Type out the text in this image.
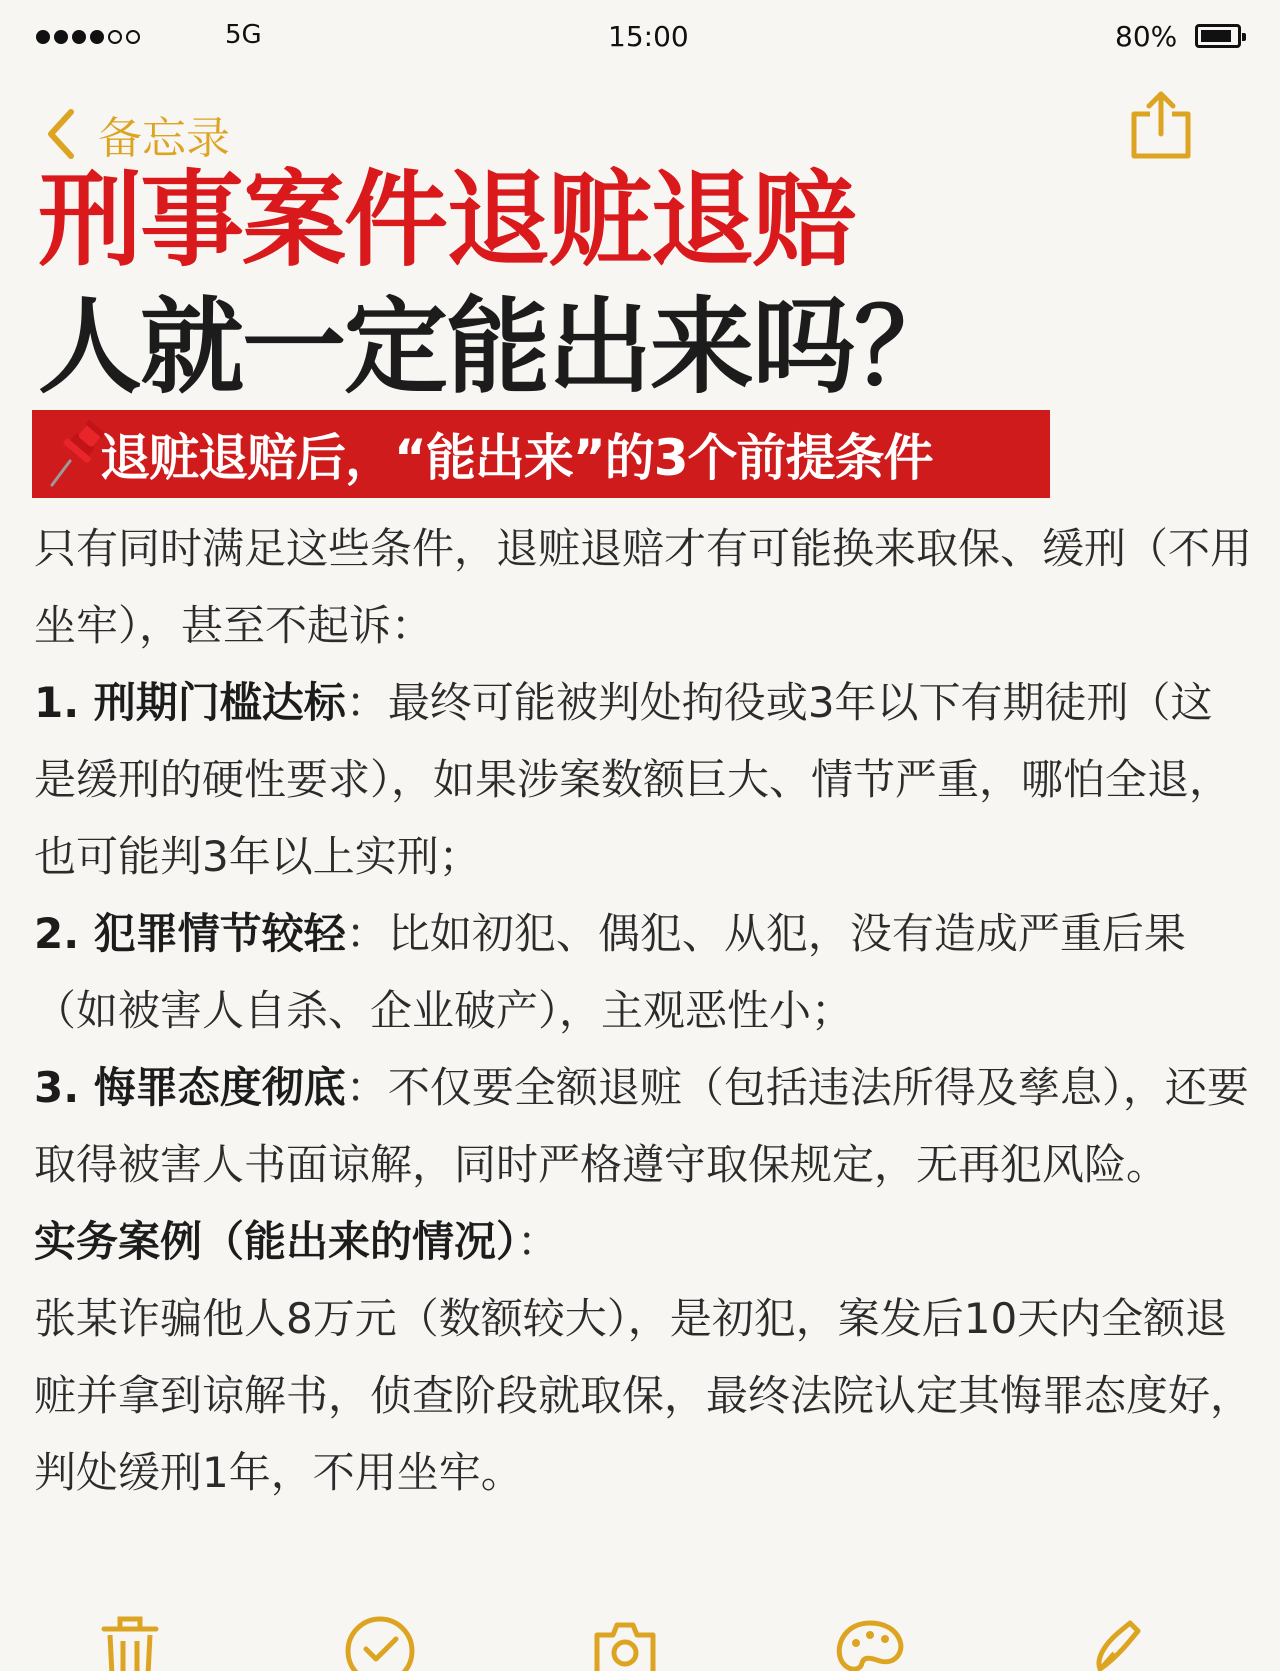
5G	15:00	80%
备忘录
刑事案件退赃退赔
人就一定能出来吗？
退赃退赔后，“能出来”的3个前提条件

只有同时满足这些条件，退赃退赔才有可能换来取保、缓刑（不用坐牢），甚至不起诉：

1. 刑期门槛达标：最终可能被判处拘役或3年以下有期徒刑（这是缓刑的硬性要求），如果涉案数额巨大、情节严重，哪怕全退，也可能判3年以上实刑；

2. 犯罪情节较轻：比如初犯、偶犯、从犯，没有造成严重后果（如被害人自杀、企业破产），主观恶性小；

3. 悔罪态度彻底：不仅要全额退赃（包括违法所得及孳息），还要取得被害人书面谅解，同时严格遵守取保规定，无再犯风险。

实务案例（能出来的情况）：

张某诈骗他人8万元（数额较大），是初犯，案发后10天内全额退赃并拿到谅解书，侦查阶段就取保，最终法院认定其悔罪态度好，判处缓刑1年，不用坐牢。
